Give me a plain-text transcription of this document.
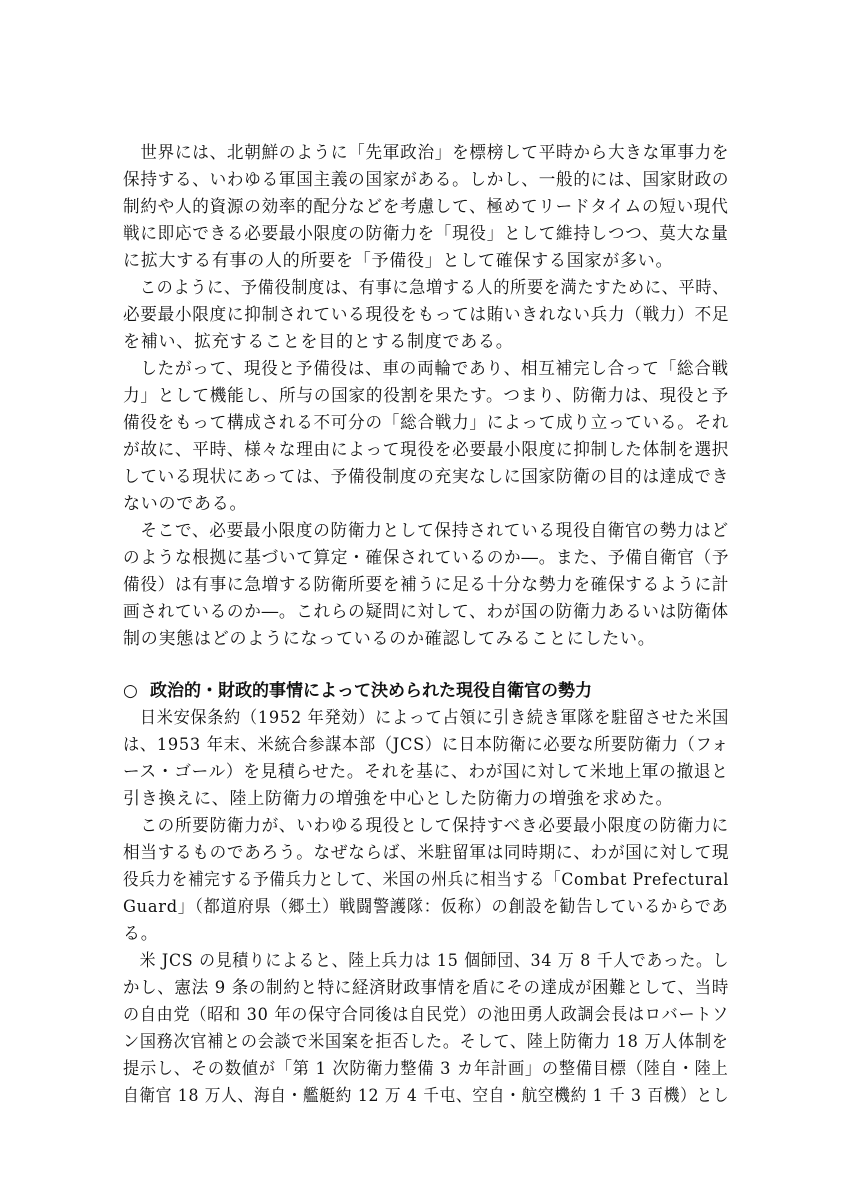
　世界には、北朝鮮のように「先軍政治」を標榜して平時から大きな軍事力を
保持する、いわゆる軍国主義の国家がある。しかし、一般的には、国家財政の
制約や人的資源の効率的配分などを考慮して、極めてリードタイムの短い現代
戦に即応できる必要最小限度の防衛力を「現役」として維持しつつ、莫大な量
に拡大する有事の人的所要を「予備役」として確保する国家が多い。
　このように、予備役制度は、有事に急増する人的所要を満たすために、平時、
必要最小限度に抑制されている現役をもっては賄いきれない兵力（戦力）不足
を補い、拡充することを目的とする制度である。
　したがって、現役と予備役は、車の両輪であり、相互補完し合って「総合戦
力」として機能し、所与の国家的役割を果たす。つまり、防衛力は、現役と予
備役をもって構成される不可分の「総合戦力」によって成り立っている。それ
が故に、平時、様々な理由によって現役を必要最小限度に抑制した体制を選択
している現状にあっては、予備役制度の充実なしに国家防衛の目的は達成でき
ないのである。
　そこで、必要最小限度の防衛力として保持されている現役自衛官の勢力はど
のような根拠に基づいて算定・確保されているのか―。また、予備自衛官（予
備役）は有事に急増する防衛所要を補うに足る十分な勢力を確保するように計
画されているのか―。これらの疑問に対して、わが国の防衛力あるいは防衛体
制の実態はどのようになっているのか確認してみることにしたい。
○ 政治的・財政的事情によって決められた現役自衛官の勢力
　日米安保条約（1952 年発効）によって占領に引き続き軍隊を駐留させた米国
は、1953 年末、米統合参謀本部（JCS）に日本防衛に必要な所要防衛力（フォ
ース・ゴール）を見積らせた。それを基に、わが国に対して米地上軍の撤退と
引き換えに、陸上防衛力の増強を中心とした防衛力の増強を求めた。
　この所要防衛力が、いわゆる現役として保持すべき必要最小限度の防衛力に
相当するものであろう。なぜならば、米駐留軍は同時期に、わが国に対して現
役兵力を補完する予備兵力として、米国の州兵に相当する「Combat Prefectural
Guard」（都道府県（郷土）戦闘警護隊：仮称）の創設を勧告しているからであ
る。
　米 JCS の見積りによると、陸上兵力は 15 個師団、34 万 8 千人であった。し
かし、憲法 9 条の制約と特に経済財政事情を盾にその達成が困難として、当時
の自由党（昭和 30 年の保守合同後は自民党）の池田勇人政調会長はロバートソ
ン国務次官補との会談で米国案を拒否した。そして、陸上防衛力 18 万人体制を
提示し、その数値が「第 1 次防衛力整備 3 カ年計画」の整備目標（陸自・陸上
自衛官 18 万人、海自・艦艇約 12 万 4 千屯、空自・航空機約 1 千 3 百機）とし
